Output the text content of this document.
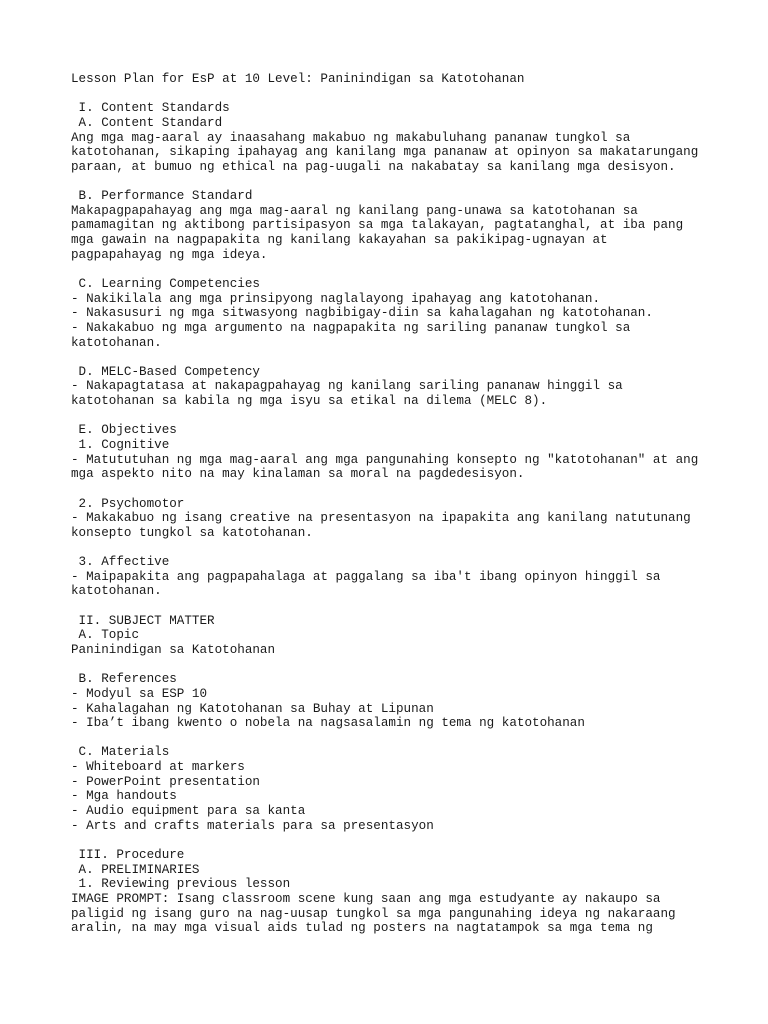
Lesson Plan for EsP at 10 Level: Paninindigan sa Katotohanan
I. Content Standards
A. Content Standard
Ang mga mag-aaral ay inaasahang makabuo ng makabuluhang pananaw tungkol sa
katotohanan, sikaping ipahayag ang kanilang mga pananaw at opinyon sa makatarungang
paraan, at bumuo ng ethical na pag-uugali na nakabatay sa kanilang mga desisyon.
B. Performance Standard
Makapagpapahayag ang mga mag-aaral ng kanilang pang-unawa sa katotohanan sa
pamamagitan ng aktibong partisipasyon sa mga talakayan, pagtatanghal, at iba pang
mga gawain na nagpapakita ng kanilang kakayahan sa pakikipag-ugnayan at
pagpapahayag ng mga ideya.
C. Learning Competencies
- Nakikilala ang mga prinsipyong naglalayong ipahayag ang katotohanan.
- Nakasusuri ng mga sitwasyong nagbibigay-diin sa kahalagahan ng katotohanan.
- Nakakabuo ng mga argumento na nagpapakita ng sariling pananaw tungkol sa
katotohanan.
D. MELC-Based Competency
- Nakapagtatasa at nakapagpahayag ng kanilang sariling pananaw hinggil sa
katotohanan sa kabila ng mga isyu sa etikal na dilema (MELC 8).
E. Objectives
1. Cognitive
- Matututuhan ng mga mag-aaral ang mga pangunahing konsepto ng "katotohanan" at ang
mga aspekto nito na may kinalaman sa moral na pagdedesisyon.
2. Psychomotor
- Makakabuo ng isang creative na presentasyon na ipapakita ang kanilang natutunang
konsepto tungkol sa katotohanan.
3. Affective
- Maipapakita ang pagpapahalaga at paggalang sa iba't ibang opinyon hinggil sa
katotohanan.
II. SUBJECT MATTER
A. Topic
Paninindigan sa Katotohanan
B. References
- Modyul sa ESP 10
- Kahalagahan ng Katotohanan sa Buhay at Lipunan
- Iba’t ibang kwento o nobela na nagsasalamin ng tema ng katotohanan
C. Materials
- Whiteboard at markers
- PowerPoint presentation
- Mga handouts
- Audio equipment para sa kanta
- Arts and crafts materials para sa presentasyon
III. Procedure
A. PRELIMINARIES
1. Reviewing previous lesson
IMAGE PROMPT: Isang classroom scene kung saan ang mga estudyante ay nakaupo sa
paligid ng isang guro na nag-uusap tungkol sa mga pangunahing ideya ng nakaraang
aralin, na may mga visual aids tulad ng posters na nagtatampok sa mga tema ng
